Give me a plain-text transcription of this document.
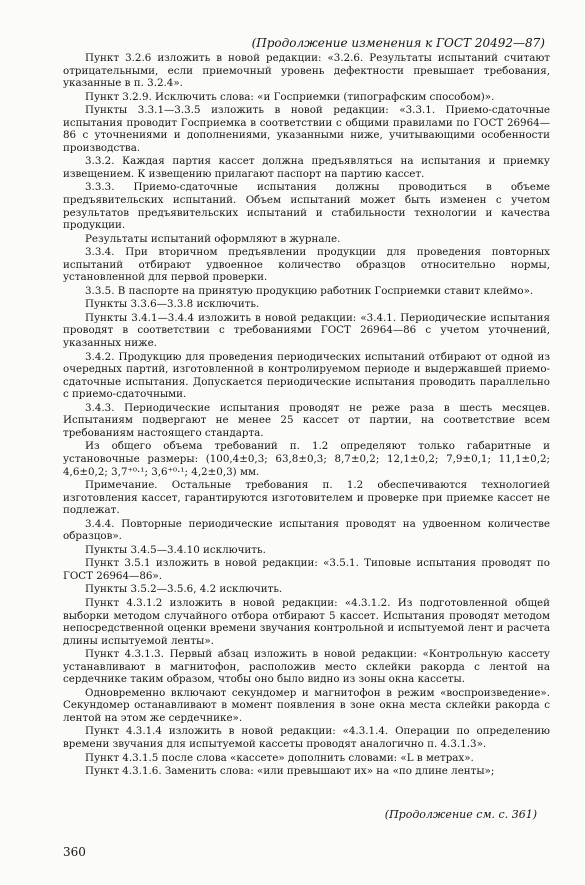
(Продолжение изменения к ГОСТ 20492—87)

Пункт 3.2.6 изложить в новой редакции: «3.2.6. Результаты испытаний считают отрицательными, если приемочный уровень дефектности превышает требования, указанные в п. 3.2.4».

Пункт 3.2.9. Исключить слова: «и Госприемки (типографским способом)».

Пункты 3.3.1—3.3.5 изложить в новой редакции: «3.3.1. Приемо-сдаточные испытания проводит Госприемка в соответствии с общими правилами по ГОСТ 26964—86 с уточнениями и дополнениями, указанными ниже, учитывающими особенности производства.

3.3.2. Каждая партия кассет должна предъявляться на испытания и приемку извещением. К извещению прилагают паспорт на партию кассет.

3.3.3. Приемо-сдаточные испытания должны проводиться в объеме предъявительских испытаний. Объем испытаний может быть изменен с учетом результатов предъявительских испытаний и стабильности технологии и качества продукции.

Результаты испытаний оформляют в журнале.

3.3.4. При вторичном предъявлении продукции для проведения повторных испытаний отбирают удвоенное количество образцов относительно нормы, установленной для первой проверки.

3.3.5. В паспорте на принятую продукцию работник Госприемки ставит клеймо».

Пункты 3.3.6—3.3.8 исключить.

Пункты 3.4.1—3.4.4 изложить в новой редакции: «3.4.1. Периодические испытания проводят в соответствии с требованиями ГОСТ 26964—86 с учетом уточнений, указанных ниже.

3.4.2. Продукцию для проведения периодических испытаний отбирают от одной из очередных партий, изготовленной в контролируемом периоде и выдержавшей приемо-сдаточные испытания. Допускается периодические испытания проводить параллельно с приемо-сдаточными.

3.4.3. Периодические испытания проводят не реже раза в шесть месяцев. Испытаниям подвергают не менее 25 кассет от партии, на соответствие всем требованиям настоящего стандарта.

Из общего объема требований п. 1.2 определяют только габаритные и установочные размеры: (100,4±0,3; 63,8±0,3; 8,7±0,2; 12,1±0,2; 7,9±0,1; 11,1±0,2; 4,6±0,2; 3,7⁺⁰·¹; 3,6⁺⁰·¹; 4,2±0,3) мм.

Примечание. Остальные требования п. 1.2 обеспечиваются технологией изготовления кассет, гарантируются изготовителем и проверке при приемке кассет не подлежат.

3.4.4. Повторные периодические испытания проводят на удвоенном количестве образцов».

Пункты 3.4.5—3.4.10 исключить.

Пункт 3.5.1 изложить в новой редакции: «3.5.1. Типовые испытания проводят по ГОСТ 26964—86».

Пункты 3.5.2—3.5.6, 4.2 исключить.

Пункт 4.3.1.2 изложить в новой редакции: «4.3.1.2. Из подготовленной общей выборки методом случайного отбора отбирают 5 кассет. Испытания проводят методом непосредственной оценки времени звучания контрольной и испытуемой лент и расчета длины испытуемой ленты».

Пункт 4.3.1.3. Первый абзац изложить в новой редакции: «Контрольную кассету устанавливают в магнитофон, расположив место склейки ракорда с лентой на сердечнике таким образом, чтобы оно было видно из зоны окна кассеты.

Одновременно включают секундомер и магнитофон в режим «воспроизведение». Секундомер останавливают в момент появления в зоне окна места склейки ракорда с лентой на этом же сердечнике».

Пункт 4.3.1.4 изложить в новой редакции: «4.3.1.4. Операции по определению времени звучания для испытуемой кассеты проводят аналогично п. 4.3.1.3».

Пункт 4.3.1.5 после слова «кассете» дополнить словами: «L в метрах».

Пункт 4.3.1.6. Заменить слова: «или превышают их» на «по длине ленты»;

(Продолжение см. с. 361)
360
